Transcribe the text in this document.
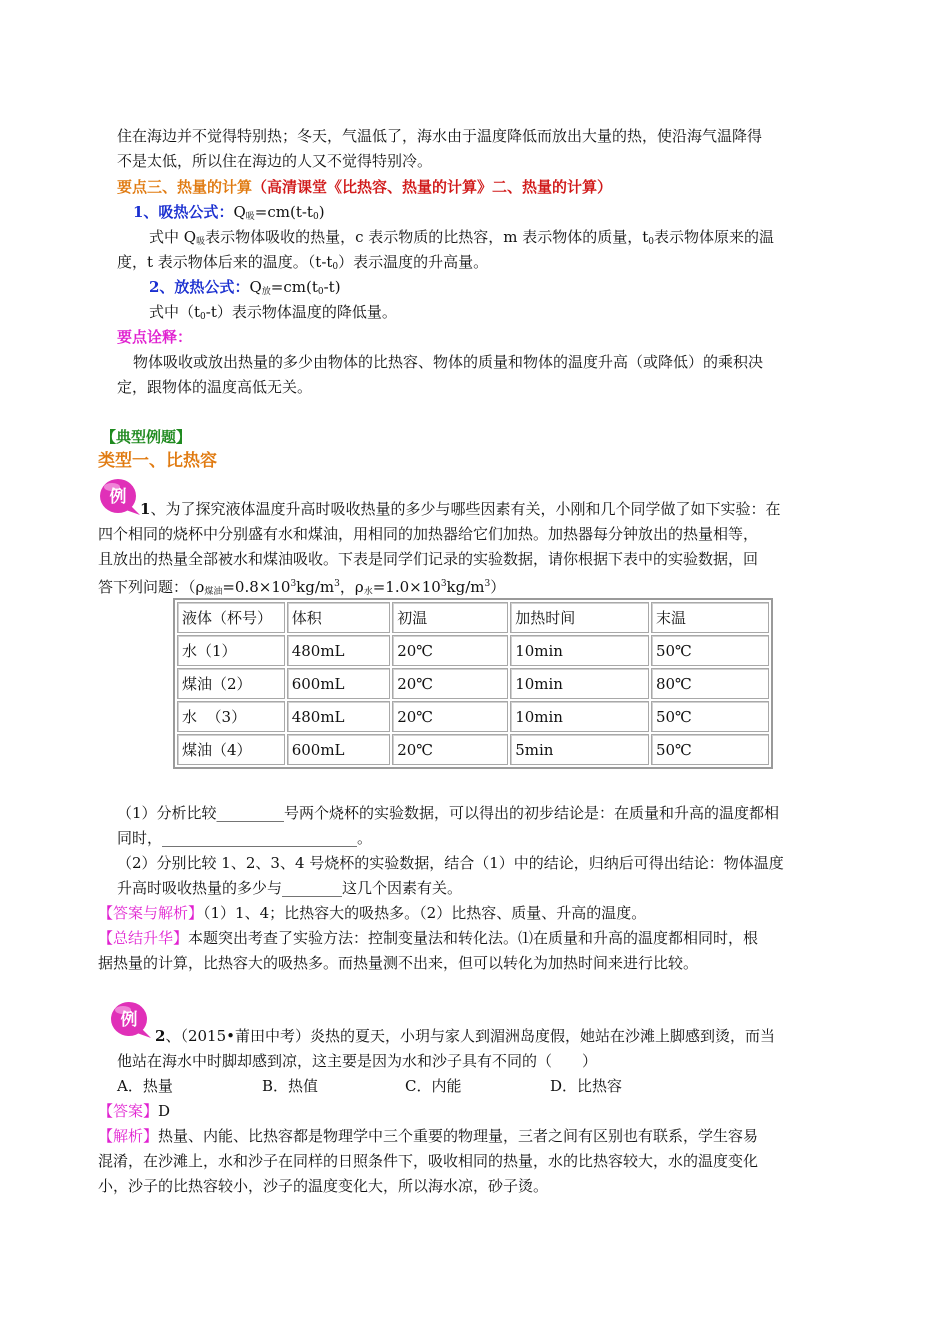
住在海边并不觉得特别热；冬天，气温低了，海水由于温度降低而放出大量的热，使沿海气温降得
不是太低，所以住在海边的人又不觉得特别冷。
要点三、热量的计算（高清课堂《比热容、热量的计算》二、热量的计算）
1、吸热公式：$Q_吸=cm(t-t_0)$
式中 $Q_吸$表示物体吸收的热量，c 表示物质的比热容，m 表示物体的质量，$t_0$表示物体原来的温
度，t 表示物体后来的温度。$(t-t_0)$表示温度的升高量。
2、放热公式：$Q_放=cm(t_0-t)$
式中$(t_0-t)$表示物体温度的降低量。
要点诠释：
物体吸收或放出热量的多少由物体的比热容、物体的质量和物体的温度升高（或降低）的乘积决
定，跟物体的温度高低无关。
【典型例题】
类型一、比热容
例
1、为了探究液体温度升高时吸收热量的多少与哪些因素有关，小刚和几个同学做了如下实验：在
四个相同的烧杯中分别盛有水和煤油，用相同的加热器给它们加热。加热器每分钟放出的热量相等，
且放出的热量全部被水和煤油吸收。下表是同学们记录的实验数据，请你根据下表中的实验数据，回
答下列问题：（$\rho_{煤油}=0.8\times 10^3kg/m^3$，$\rho_水=1.0\times 10^3kg/m^3$）
液体（杯号）	体积	初温	加热时间	末温
水（1）	480mL	20℃	10min	50℃
煤油（2）	600mL	20℃	10min	80℃
水  （3）	480mL	20℃	10min	50℃
煤油（4）	600mL	20℃	5min	50℃
（1）分析比较_________号两个烧杯的实验数据，可以得出的初步结论是：在质量和升高的温度都相
同时，__________________________。
（2）分别比较 1、2、3、4 号烧杯的实验数据，结合（1）中的结论，归纳后可得出结论：物体温度
升高时吸收热量的多少与________这几个因素有关。
【答案与解析】（1）1、4；比热容大的吸热多。（2）比热容、质量、升高的温度。
【总结升华】本题突出考查了实验方法：控制变量法和转化法。⑴在质量和升高的温度都相同时，根
据热量的计算，比热容大的吸热多。而热量测不出来，但可以转化为加热时间来进行比较。
例
2、（2015•莆田中考）炎热的夏天，小玥与家人到湄洲岛度假，她站在沙滩上脚感到烫，而当
他站在海水中时脚却感到凉，这主要是因为水和沙子具有不同的（　　）
A．热量	B．热值	C．内能	D．比热容
【答案】D
【解析】热量、内能、比热容都是物理学中三个重要的物理量，三者之间有区别也有联系，学生容易
混淆，在沙滩上，水和沙子在同样的日照条件下，吸收相同的热量，水的比热容较大，水的温度变化
小，沙子的比热容较小，沙子的温度变化大，所以海水凉，砂子烫。
